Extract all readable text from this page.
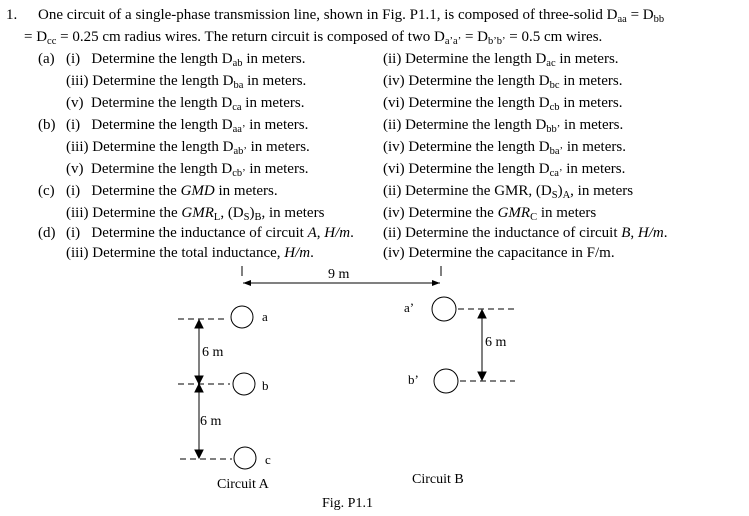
1. One circuit of a single-phase transmission line, shown in Fig. P1.1, is composed of three-solid $D_{aa} = D_{bb}$
= $D_{cc} = 0.25$ cm radius wires. The return circuit is composed of two $D_{a’a’} = D_{b’b’} = 0.5$ cm wires.
(a) (i) Determine the length $D_{ab}$ in meters.	(ii) Determine the length $D_{ac}$ in meters.
(iii) Determine the length $D_{ba}$ in meters.	(iv) Determine the length $D_{bc}$ in meters.
(v) Determine the length $D_{ca}$ in meters.	(vi) Determine the length $D_{cb}$ in meters.
(b) (i) Determine the length $D_{aa’}$ in meters.	(ii) Determine the length $D_{bb’}$ in meters.
(iii) Determine the length $D_{ab’}$ in meters.	(iv) Determine the length $D_{ba’}$ in meters.
(v) Determine the length $D_{cb’}$ in meters.	(vi) Determine the length $D_{ca’}$ in meters.
(c) (i) Determine the GMD in meters.	(ii) Determine the GMR, $(D_S)_A$, in meters
(iii) Determine the $GMR_L$, $(D_S)_B$, in meters	(iv) Determine the $GMR_C$ in meters
(d) (i) Determine the inductance of circuit A, H/m. (ii) Determine the inductance of circuit B, H/m.
(iii) Determine the total inductance, H/m.	(iv) Determine the capacitance in F/m.
9 m
6 m
6 m
6 m
a
b
c
a’
b’
Circuit A	Circuit B
Fig. P1.1
